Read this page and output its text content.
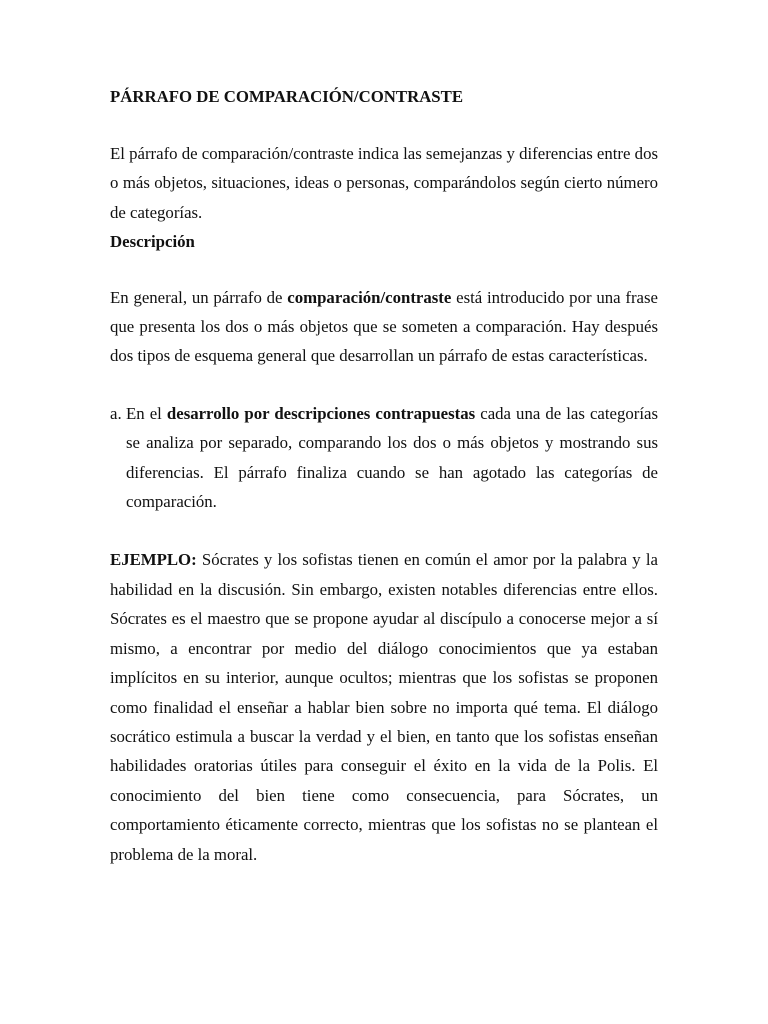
PÁRRAFO DE COMPARACIÓN/CONTRASTE

El párrafo de comparación/contraste indica las semejanzas y diferencias entre dos o más objetos, situaciones, ideas o personas, comparándolos según cierto número de categorías.

Descripción

En general, un párrafo de comparación/contraste está introducido por una frase que presenta los dos o más objetos que se someten a comparación. Hay después dos tipos de esquema general que desarrollan un párrafo de estas características.

a. En el desarrollo por descripciones contrapuestas cada una de las categorías se analiza por separado, comparando los dos o más objetos y mostrando sus diferencias. El párrafo finaliza cuando se han agotado las categorías de comparación.

EJEMPLO: Sócrates y los sofistas tienen en común el amor por la palabra y la habilidad en la discusión. Sin embargo, existen notables diferencias entre ellos. Sócrates es el maestro que se propone ayudar al discípulo a conocerse mejor a sí mismo, a encontrar por medio del diálogo conocimientos que ya estaban implícitos en su interior, aunque ocultos; mientras que los sofistas se proponen como finalidad el enseñar a hablar bien sobre no importa qué tema. El diálogo socrático estimula a buscar la verdad y el bien, en tanto que los sofistas enseñan habilidades oratorias útiles para conseguir el éxito en la vida de la Polis. El conocimiento del bien tiene como consecuencia, para Sócrates, un comportamiento éticamente correcto, mientras que los sofistas no se plantean el problema de la moral.
